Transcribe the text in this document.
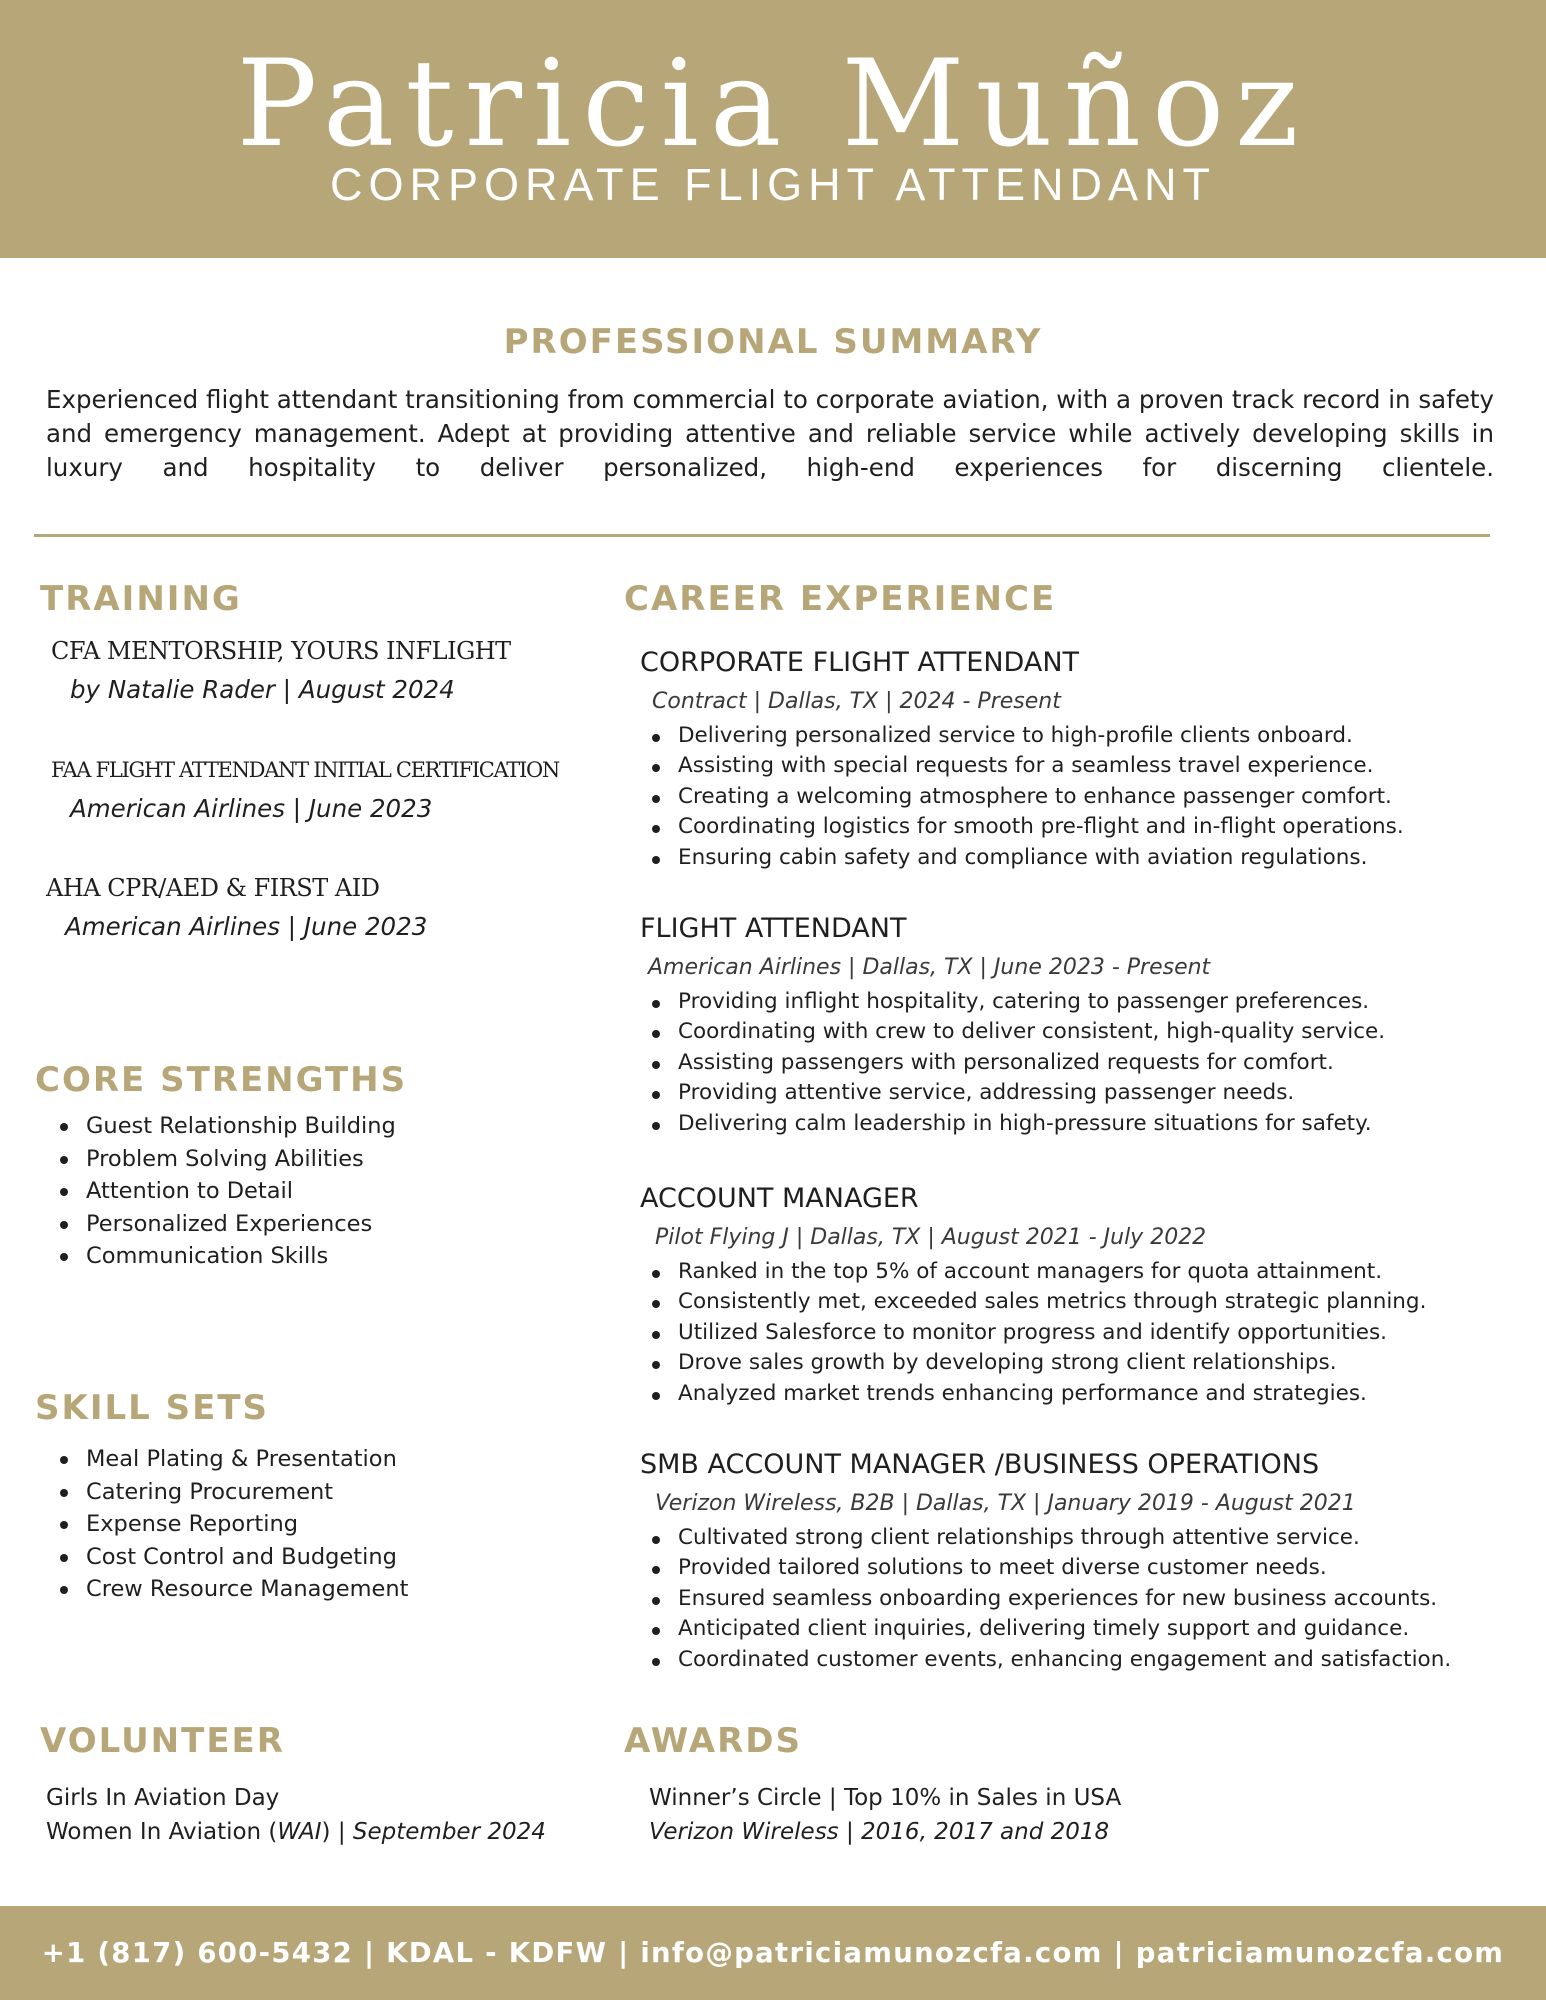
Patricia Muñoz
CORPORATE FLIGHT ATTENDANT
PROFESSIONAL SUMMARY

Experienced flight attendant transitioning from commercial to corporate aviation, with a proven track record in safety and emergency management. Adept at providing attentive and reliable service while actively developing skills in luxury and hospitality to deliver personalized, high-end experiences for discerning clientele.

TRAINING
CFA MENTORSHIP, YOURS INFLIGHT
by Natalie Rader | August 2024
FAA FLIGHT ATTENDANT INITIAL CERTIFICATION
American Airlines | June 2023
AHA CPR/AED & FIRST AID
American Airlines | June 2023
CORE STRENGTHS
Guest Relationship Building
Problem Solving Abilities
Attention to Detail
Personalized Experiences
Communication Skills
SKILL SETS
Meal Plating & Presentation
Catering Procurement
Expense Reporting
Cost Control and Budgeting
Crew Resource Management
VOLUNTEER
Girls In Aviation Day
Women In Aviation (WAI) | September 2024
CAREER EXPERIENCE
CORPORATE FLIGHT ATTENDANT
Contract | Dallas, TX | 2024 - Present
Delivering personalized service to high-profile clients onboard.
Assisting with special requests for a seamless travel experience.
Creating a welcoming atmosphere to enhance passenger comfort.
Coordinating logistics for smooth pre-flight and in-flight operations.
Ensuring cabin safety and compliance with aviation regulations.
FLIGHT ATTENDANT
American Airlines | Dallas, TX | June 2023 - Present
Providing inflight hospitality, catering to passenger preferences.
Coordinating with crew to deliver consistent, high-quality service.
Assisting passengers with personalized requests for comfort.
Providing attentive service, addressing passenger needs.
Delivering calm leadership in high-pressure situations for safety.
ACCOUNT MANAGER
Pilot Flying J | Dallas, TX | August 2021 - July 2022
Ranked in the top 5% of account managers for quota attainment.
Consistently met, exceeded sales metrics through strategic planning.
Utilized Salesforce to monitor progress and identify opportunities.
Drove sales growth by developing strong client relationships.
Analyzed market trends enhancing performance and strategies.
SMB ACCOUNT MANAGER /BUSINESS OPERATIONS
Verizon Wireless, B2B | Dallas, TX | January 2019 - August 2021
Cultivated strong client relationships through attentive service.
Provided tailored solutions to meet diverse customer needs.
Ensured seamless onboarding experiences for new business accounts.
Anticipated client inquiries, delivering timely support and guidance.
Coordinated customer events, enhancing engagement and satisfaction.
AWARDS
Winner’s Circle | Top 10% in Sales in USA
Verizon Wireless | 2016, 2017 and 2018
+1 (817) 600-5432 | KDAL - KDFW | info@patriciamunozcfa.com | patriciamunozcfa.com
